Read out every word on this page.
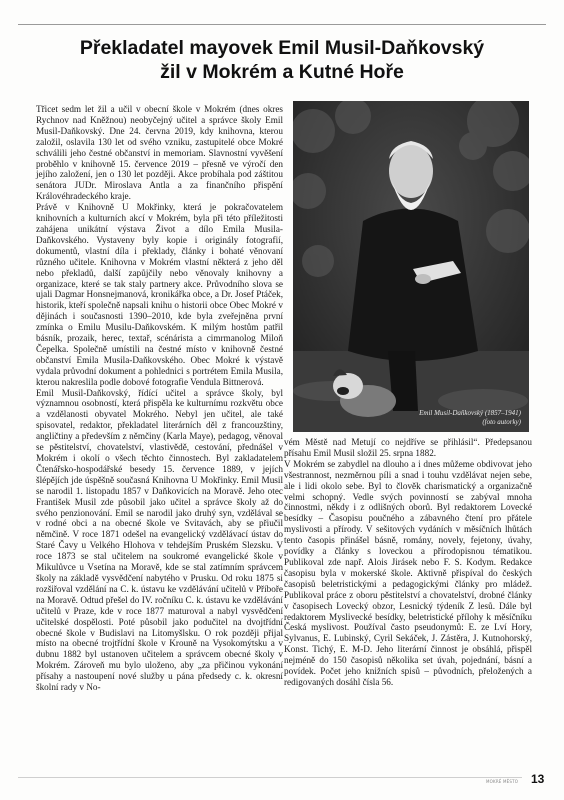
Překladatel mayovek Emil Musil-Daňkovský
žil v Mokrém a Kutné Hoře

Třicet sedm let žil a učil v obecní škole v Mokrém (dnes okres Rychnov nad Kněžnou) neobyčejný učitel a správce školy Emil Musil-Daňkovský. Dne 24. června 2019, kdy knihovna, kterou založil, oslavila 130 let od svého vzniku, zastupitelé obce Mokré schválili jeho čestné občanství in memoriam. Slavnostní vyvěšení proběhlo v knihovně 15. července 2019 – přesně ve výročí den jejího založení, jen o 130 let později. Akce probíhala pod záštitou senátora JUDr. Miroslava Antla a za finančního přispění Královéhradeckého kraje.

Právě v Knihovně U Mokřinky, která je pokračovatelem knihovních a kulturních akcí v Mokrém, byla při této příležitosti zahájena unikátní výstava Život a dílo Emila Musila-Daňkovského. Vystaveny byly kopie i originály fotografií, dokumentů, vlastní díla i překlady, články i bohaté věnovaní různého učitele. Knihovna v Mokrém vlastní některá z jeho děl nebo překladů, další zapůjčily nebo věnovaly knihovny a organizace, které se tak staly partnery akce. Průvodního slova se ujali Dagmar Honsnejmanová, kronikářka obce, a Dr. Josef Ptáček, historik, kteří společně napsali knihu o historii obce Obec Mokré v dějinách i současnosti 1390–2010, kde byla zveřejněna první zmínka o Emilu Musilu-Daňkovském. K milým hostům patřil básník, prozaik, herec, textař, scénárista a cimrmanolog Miloň Čepelka. Společně umístili na čestné místo v knihovně čestné občanství Emila Musila-Daňkovského. Obec Mokré k výstavě vydala průvodní dokument a pohlednici s portrétem Emila Musila, kterou nakreslila podle dobové fotografie Vendula Bittnerová.

Emil Musil-Daňkovský, řídící učitel a správce školy, byl významnou osobností, která přispěla ke kulturnímu rozkvětu obce a vzdělanosti obyvatel Mokrého. Nebyl jen učitel, ale také spisovatel, redaktor, překladatel literárních děl z francouzštiny, angličtiny a především z němčiny (Karla Maye), pedagog, věnoval se pěstitelství, chovatelství, vlastivědě, cestování, přednášel v Mokrém i okolí o všech těchto činnostech. Byl zakladatelem Čtenářsko-hospodářské besedy 15. července 1889, v jejích šlépějích jde úspěšně současná Knihovna U Mokřinky. Emil Musil se narodil 1. listopadu 1857 v Daňkovicích na Moravě. Jeho otec František Musil zde působil jako učitel a správce školy až do svého penzionování. Emil se narodil jako druhý syn, vzdělával se v rodné obci a na obecné škole ve Svitavách, aby se přiučil němčině. V roce 1871 odešel na evangelický vzdělávací ústav do Staré Čavy u Velkého Hlohova v tehdejším Pruském Slezsku. V roce 1873 se stal učitelem na soukromé evangelické škole v Mikulůvce u Vsetína na Moravě, kde se stal zatímním správcem školy na základě vysvědčení nabytého v Prusku. Od roku 1875 si rozšiřoval vzdělání na C. k. ústavu ke vzdělávání učitelů v Příboře na Moravě. Odtud přešel do IV. ročníku C. k. ústavu ke vzdělávání učitelů v Praze, kde v roce 1877 maturoval a nabyl vysvědčení učitelské dospělosti. Poté působil jako podučitel na dvojtřídní obecné škole v Budislavi na Litomyšlsku. O rok později přijal místo na obecné trojtřídní škole v Krouně na Vysokomýtsku a v dubnu 1882 byl ustanoven učitelem a správcem obecné školy v Mokrém. Zároveň mu bylo uloženo, aby „za přičinou vykonání přísahy a nastoupení nové služby u pána předsedy c. k. okresní školní rady v No-

Emil Musil-Daňkovský (1857–1941)
(foto autorky)

vém Městě nad Metují co nejdříve se přihlásil“. Předepsanou přísahu Emil Musil složil 25. srpna 1882.

V Mokrém se zabydlel na dlouho a i dnes můžeme obdivovat jeho všestrannost, nezměrnou píli a snad i touhu vzdělávat nejen sebe, ale i lidi okolo sebe. Byl to člověk charismatický a organizačně velmi schopný. Vedle svých povinností se zabýval mnoha činnostmi, někdy i z odlišných oborů. Byl redaktorem Lovecké besídky – Časopisu poučného a zábavného čtení pro přátele myslivosti a přírody. V sešitových vydáních v měsíčních lhůtách tento časopis přinášel básně, romány, novely, fejetony, úvahy, povídky a články s loveckou a přírodopisnou tématikou. Publikoval zde např. Alois Jirásek nebo F. S. Kodym. Redakce časopisu byla v mokerské škole. Aktivně přispíval do českých časopisů beletristickými a pedagogickými články pro mládež. Publikoval práce z oboru pěstitelství a chovatelství, drobné články v časopisech Lovecký obzor, Lesnický týdeník Z lesů. Dále byl redaktorem Myslivecké besídky, beletristické přílohy k měsíčníku Česká myslivost. Používal často pseudonymů: E. ze Lví Hory, Sylvanus, E. Lubinský, Cyril Sekáček, J. Zástěra, J. Kutnohorský, Konst. Tichý, E. M-D. Jeho literární činnost je obsáhlá, přispěl nejméně do 150 časopisů několika set úvah, pojednání, básní a povídek. Počet jeho knižních spisů – původních, přeložených a redigovaných dosáhl čísla 56.

MOKRÉ MĚSTO 13
